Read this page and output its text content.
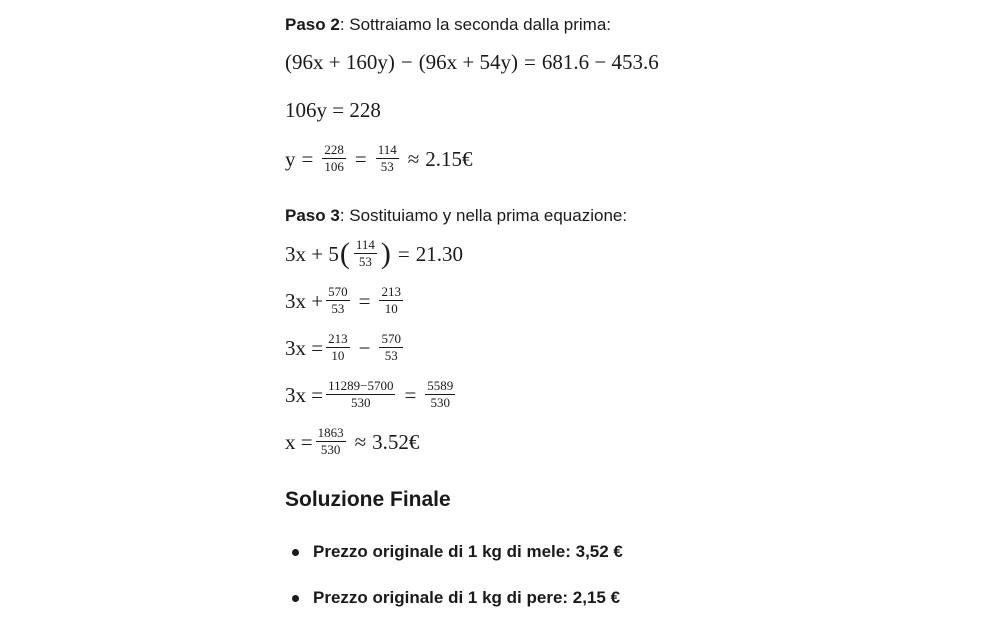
Paso 2: Sottraiamo la seconda dalla prima:
(96x + 160y) − (96x + 54y) = 681.6 − 453.6
106y = 228
$y = \frac{228}{106} = \frac{114}{53}$ ≈ 2.15€
Paso 3: Sostituiamo y nella prima equazione:
3x + 5 ( $\frac{114}{53}$ ) = 21.30
$3x + \frac{570}{53} = \frac{213}{10}$
$3x = \frac{213}{10} - \frac{570}{53}$
$3x = \frac{11289-5700}{530} = \frac{5589}{530}$
$x = \frac{1863}{530}$ ≈ 3.52€
Soluzione Finale
Prezzo originale di 1 kg di mele: 3,52 €
Prezzo originale di 1 kg di pere: 2,15 €
